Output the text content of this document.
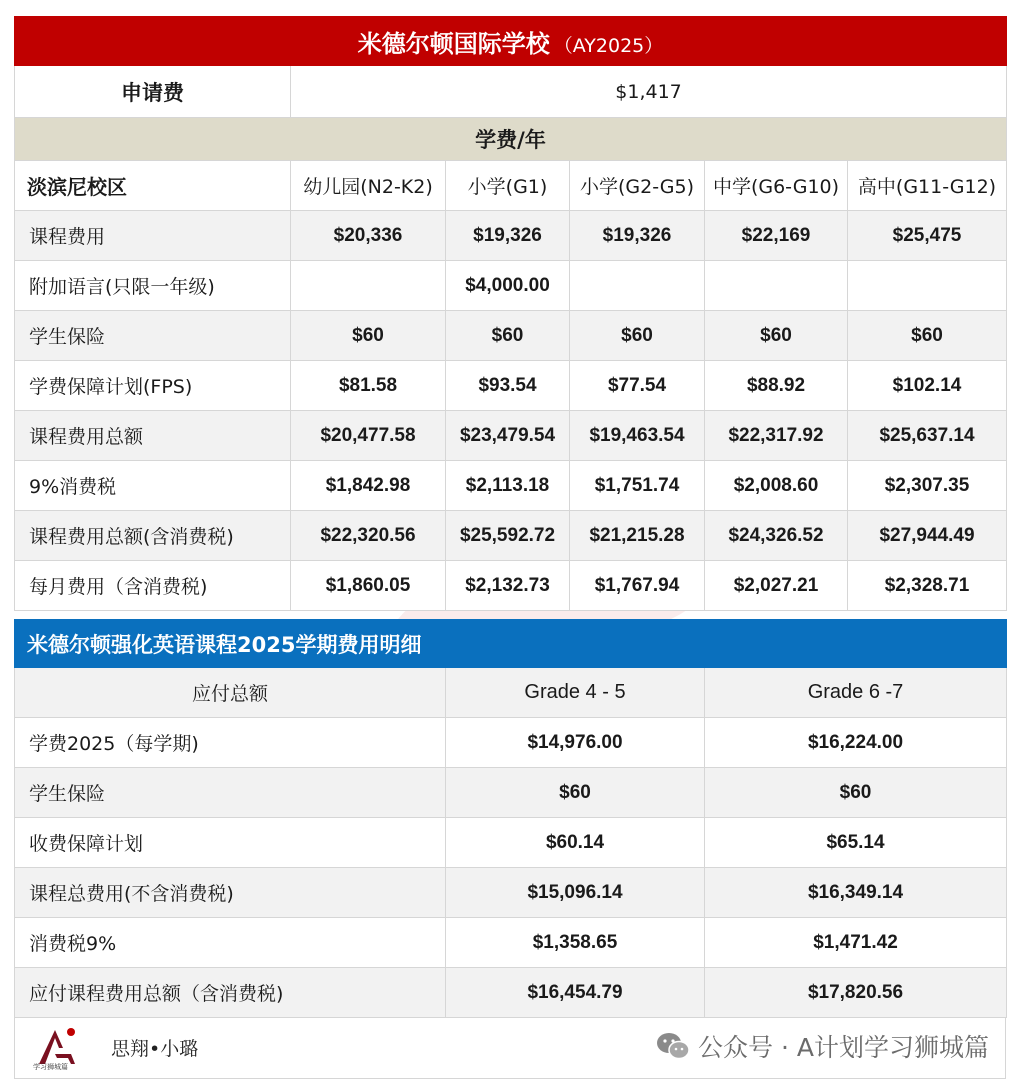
米德尔顿国际学校 （AY2025）					
申请费	$1,417				
学费/年					
淡滨尼校区	幼儿园(N2-K2)	小学(G1)	小学(G2-G5)	中学(G6-G10)	高中(G11-G12)
课程费用	$20,336	$19,326	$19,326	$22,169	$25,475
附加语言(只限一年级)		$4,000.00			
学生保险	$60	$60	$60	$60	$60
学费保障计划(FPS)	$81.58	$93.54	$77.54	$88.92	$102.14
课程费用总额	$20,477.58	$23,479.54	$19,463.54	$22,317.92	$25,637.14
9%消费税	$1,842.98	$2,113.18	$1,751.74	$2,008.60	$2,307.35
课程费用总额(含消费税)	$22,320.56	$25,592.72	$21,215.28	$24,326.52	$27,944.49
每月费用（含消费税)	$1,860.05	$2,132.73	$1,767.94	$2,027.21	$2,328.71
米德尔顿强化英语课程2025学期费用明细		
应付总额	Grade 4 - 5	Grade 6 -7
学费2025（每学期)	$14,976.00	$16,224.00
学生保险	$60	$60
收费保障计划	$60.14	$65.14
课程总费用(不含消费税)	$15,096.14	$16,349.14
消费税9%	$1,358.65	$1,471.42
应付课程费用总额（含消费税)	$16,454.79	$17,820.56
学习狮城篇
思翔•小璐	公众号 · A计划学习狮城篇
